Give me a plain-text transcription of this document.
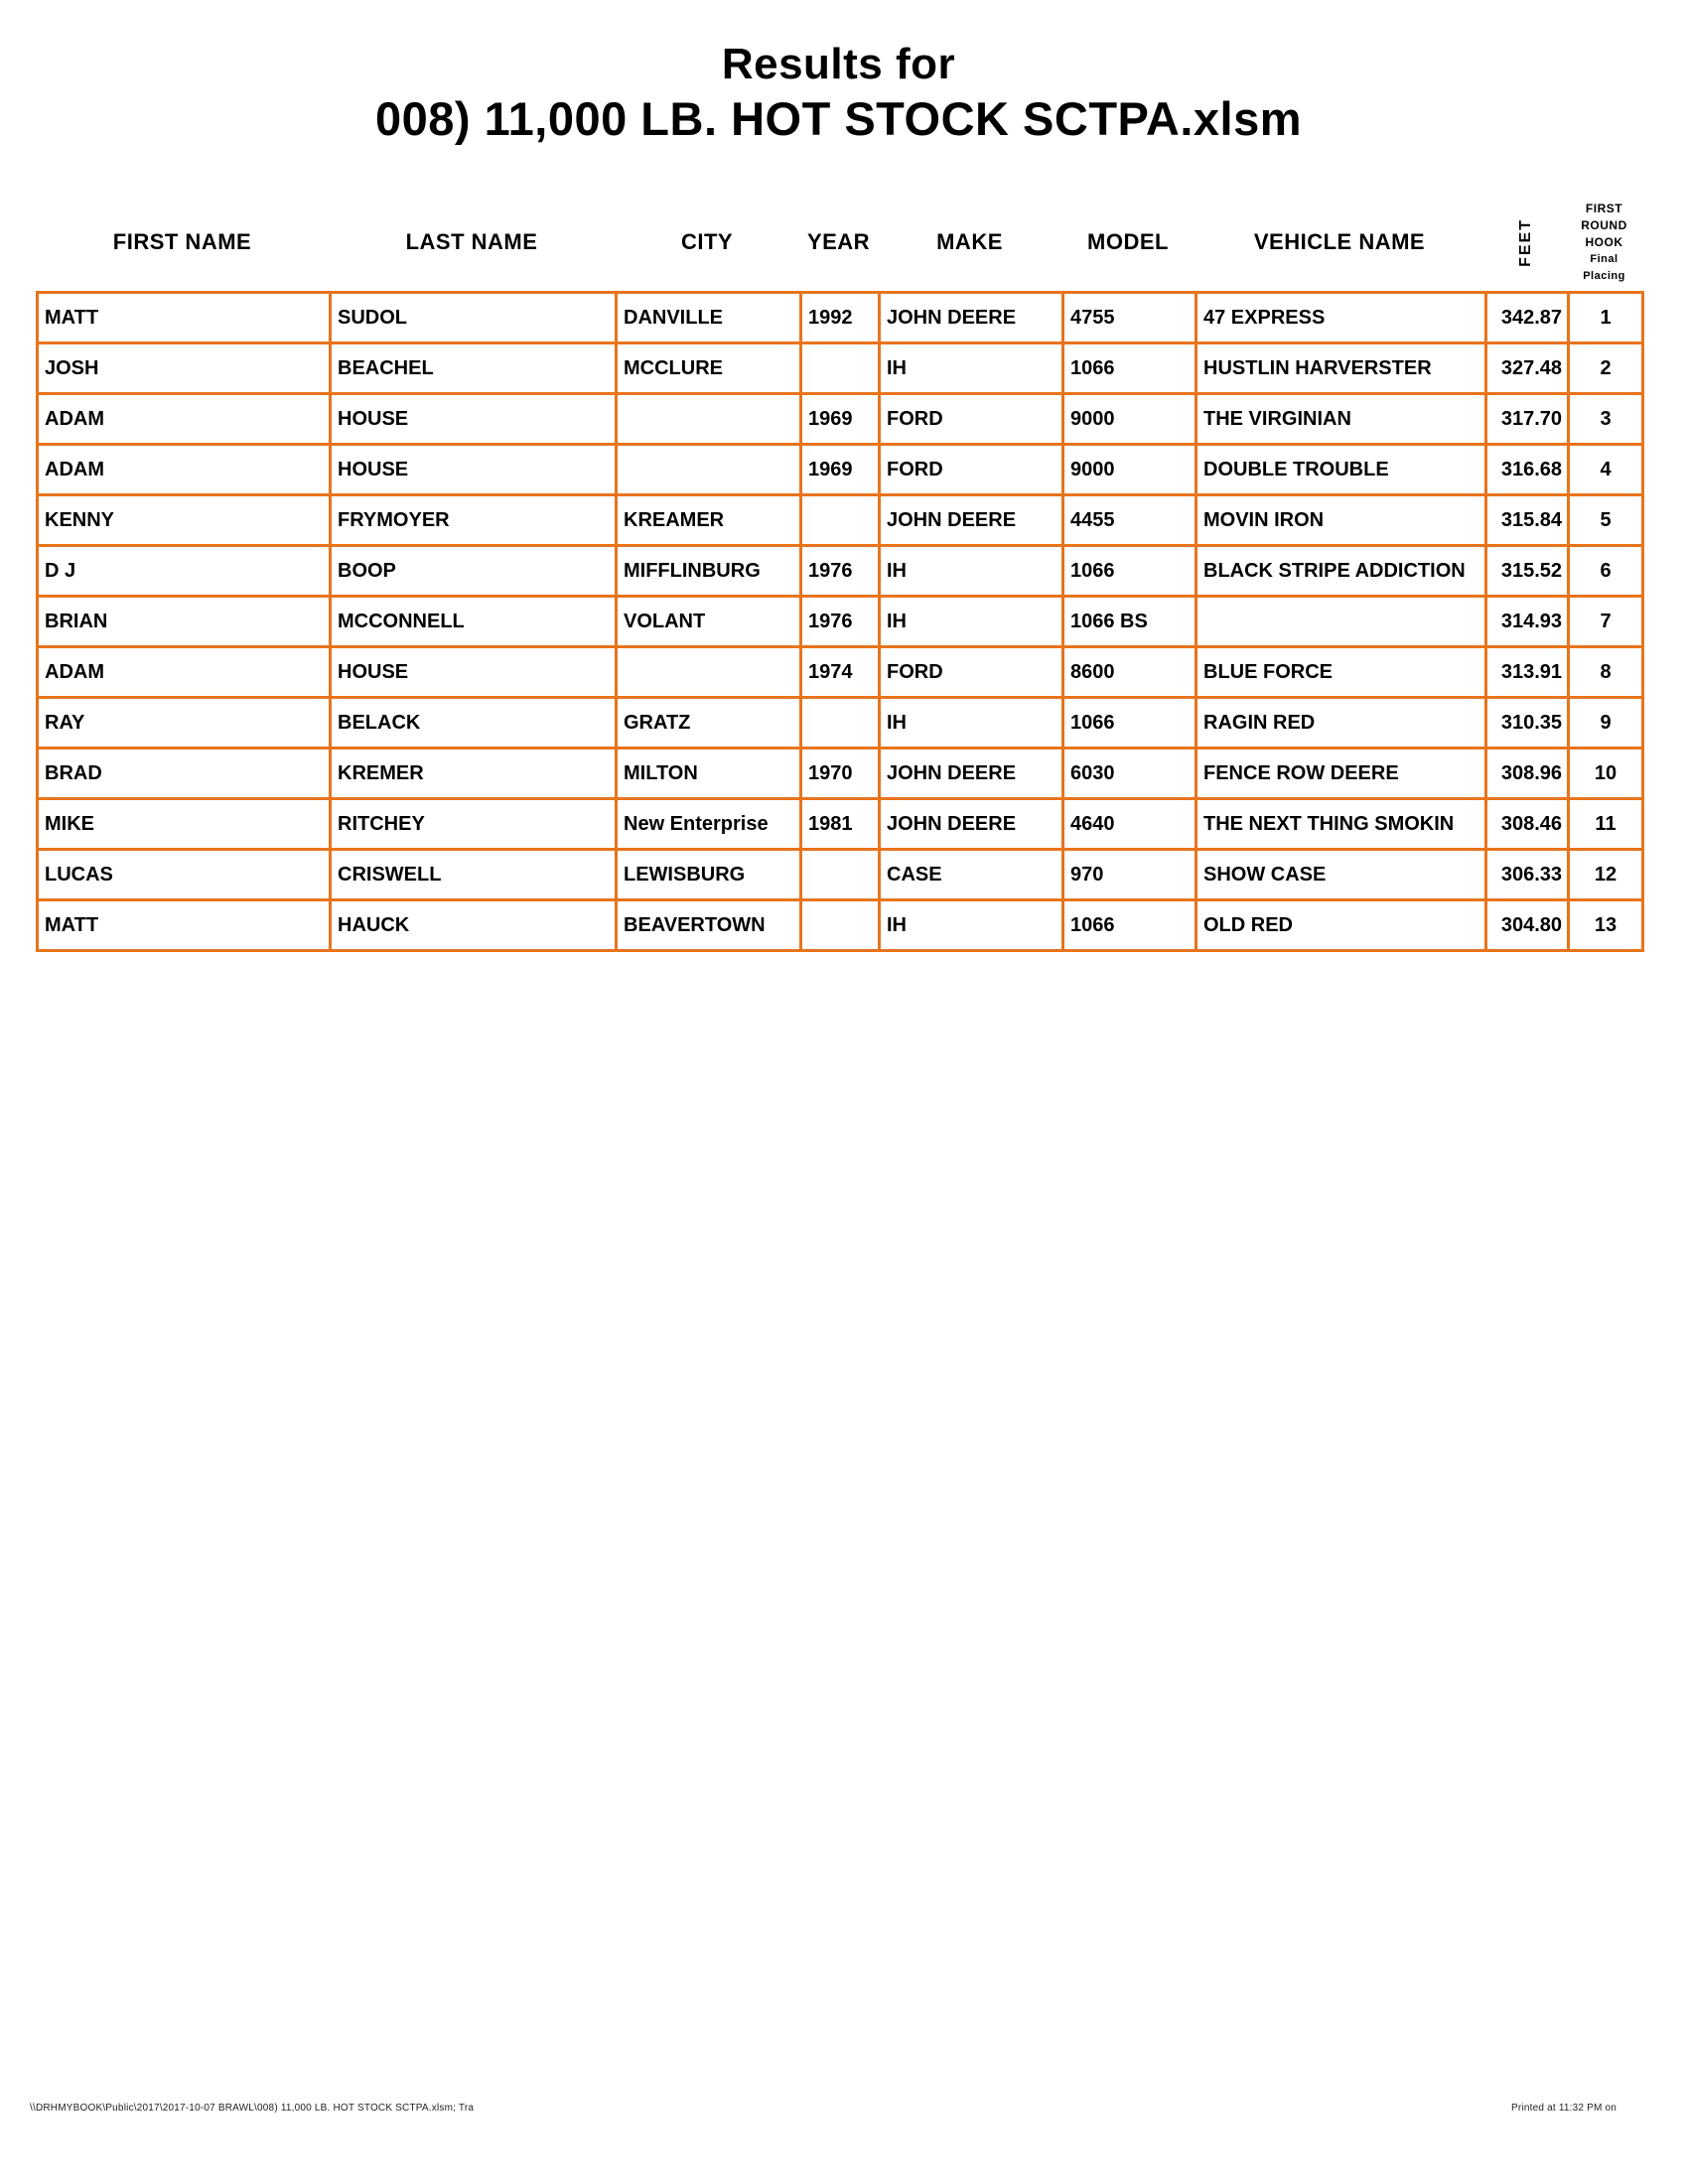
Results for
008) 11,000 LB. HOT STOCK SCTPA.xlsm
FIRST NAME	LAST NAME	CITY	YEAR	MAKE	MODEL	VEHICLE NAME	FEET
FIRST
ROUND
HOOK
Final
Placing
MATT	SUDOL	DANVILLE	1992	JOHN DEERE	4755	47 EXPRESS	342.87	1
JOSH	BEACHEL	MCCLURE		IH	1066	HUSTLIN HARVERSTER	327.48	2
ADAM	HOUSE		1969	FORD	9000	THE VIRGINIAN	317.70	3
ADAM	HOUSE		1969	FORD	9000	DOUBLE TROUBLE	316.68	4
KENNY	FRYMOYER	KREAMER		JOHN DEERE	4455	MOVIN IRON	315.84	5
D J	BOOP	MIFFLINBURG	1976	IH	1066	BLACK STRIPE ADDICTION	315.52	6
BRIAN	MCCONNELL	VOLANT	1976	IH	1066 BS		314.93	7
ADAM	HOUSE		1974	FORD	8600	BLUE FORCE	313.91	8
RAY	BELACK	GRATZ		IH	1066	RAGIN RED	310.35	9
BRAD	KREMER	MILTON	1970	JOHN DEERE	6030	FENCE ROW DEERE	308.96	10
MIKE	RITCHEY	New Enterprise	1981	JOHN DEERE	4640	THE NEXT THING SMOKIN	308.46	11
LUCAS	CRISWELL	LEWISBURG		CASE	970	SHOW CASE	306.33	12
MATT	HAUCK	BEAVERTOWN		IH	1066	OLD RED	304.80	13
\\DRHMYBOOK\Public\2017\2017-10-07 BRAWL\008) 11,000 LB. HOT STOCK SCTPA.xlsm; Tra	Printed at 11:32 PM on
